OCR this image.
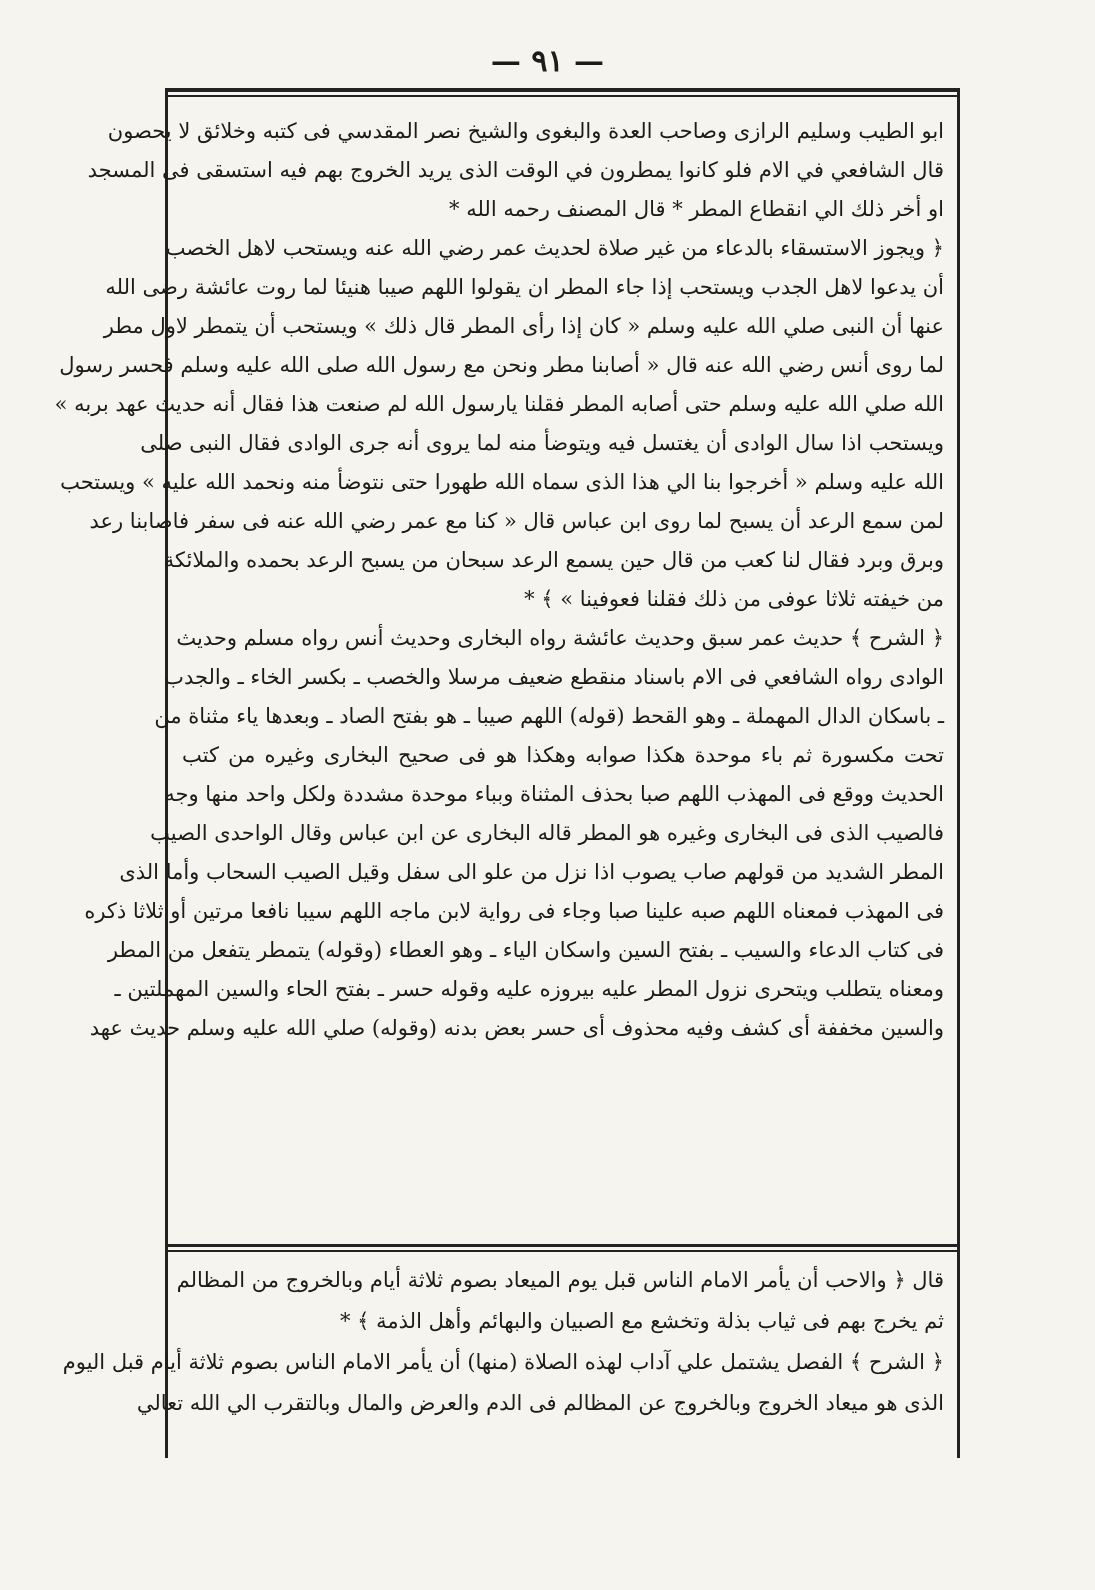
— ٩١ —
ابو الطيب وسليم الرازى وصاحب العدة والبغوى والشيخ نصر المقدسي فى كتبه وخلائق لا يحصون
قال الشافعي في الام فلو كانوا يمطرون في الوقت الذى يريد الخروج بهم فيه استسقى فى المسجد
او أخر ذلك الي انقطاع المطر * قال المصنف رحمه الله *
﴿ ويجوز الاستسقاء بالدعاء من غير صلاة لحديث عمر رضي الله عنه ويستحب لاهل الخصب
أن يدعوا لاهل الجدب ويستحب إذا جاء المطر ان يقولوا اللهم صيبا هنيئا لما روت عائشة رضى الله
عنها أن النبى صلي الله عليه وسلم « كان إذا رأى المطر قال ذلك » ويستحب أن يتمطر لاول مطر
لما روى أنس رضي الله عنه قال « أصابنا مطر ونحن مع رسول الله صلى الله عليه وسلم فحسر رسول
الله صلي الله عليه وسلم حتى أصابه المطر فقلنا يارسول الله لم صنعت هذا فقال أنه حديث عهد بربه »
ويستحب اذا سال الوادى أن يغتسل فيه ويتوضأ منه لما يروى أنه جرى الوادى فقال النبى صلى
الله عليه وسلم « أخرجوا بنا الي هذا الذى سماه الله طهورا حتى نتوضأ منه ونحمد الله عليه » ويستحب
لمن سمع الرعد أن يسبح لما روى ابن عباس قال « كنا مع عمر رضي الله عنه فى سفر فاصابنا رعد
وبرق وبرد فقال لنا كعب من قال حين يسمع الرعد سبحان من يسبح الرعد بحمده والملائكة
من خيفته ثلاثا عوفى من ذلك فقلنا فعوفينا » ﴾ *
﴿ الشرح ﴾ حديث عمر سبق وحديث عائشة رواه البخارى وحديث أنس رواه مسلم وحديث
الوادى رواه الشافعي فى الام باسناد منقطع ضعيف مرسلا والخصب ـ بكسر الخاء ـ والجدب
ـ باسكان الدال المهملة ـ وهو القحط (قوله) اللهم صيبا ـ هو بفتح الصاد ـ وبعدها ياء مثناة من
تحت مكسورة ثم باء موحدة هكذا صوابه وهكذا هو فى صحيح البخارى وغيره من كتب
الحديث ووقع فى المهذب اللهم صبا بحذف المثناة وبباء موحدة مشددة ولكل واحد منها وجه
فالصيب الذى فى البخارى وغيره هو المطر قاله البخارى عن ابن عباس وقال الواحدى الصيب
المطر الشديد من قولهم صاب يصوب اذا نزل من علو الى سفل وقيل الصيب السحاب وأما الذى
فى المهذب فمعناه اللهم صبه علينا صبا وجاء فى رواية لابن ماجه اللهم سيبا نافعا مرتين أو ثلاثا ذكره
فى كتاب الدعاء والسيب ـ بفتح السين واسكان الياء ـ وهو العطاء (وقوله) يتمطر يتفعل من المطر
ومعناه يتطلب ويتحرى نزول المطر عليه بيروزه عليه وقوله حسر ـ بفتح الحاء والسين المهملتين ـ
والسين مخففة أى كشف وفيه محذوف أى حسر بعض بدنه (وقوله) صلي الله عليه وسلم حديث عهد
قال ﴿ والاحب أن يأمر الامام الناس قبل يوم الميعاد بصوم ثلاثة أيام وبالخروج من المظالم
ثم يخرج بهم فى ثياب بذلة وتخشع مع الصبيان والبهائم وأهل الذمة ﴾ *
﴿ الشرح ﴾ الفصل يشتمل علي آداب لهذه الصلاة (منها) أن يأمر الامام الناس بصوم ثلاثة أيام قبل اليوم
الذى هو ميعاد الخروج وبالخروج عن المظالم فى الدم والعرض والمال وبالتقرب الي الله تعالي
